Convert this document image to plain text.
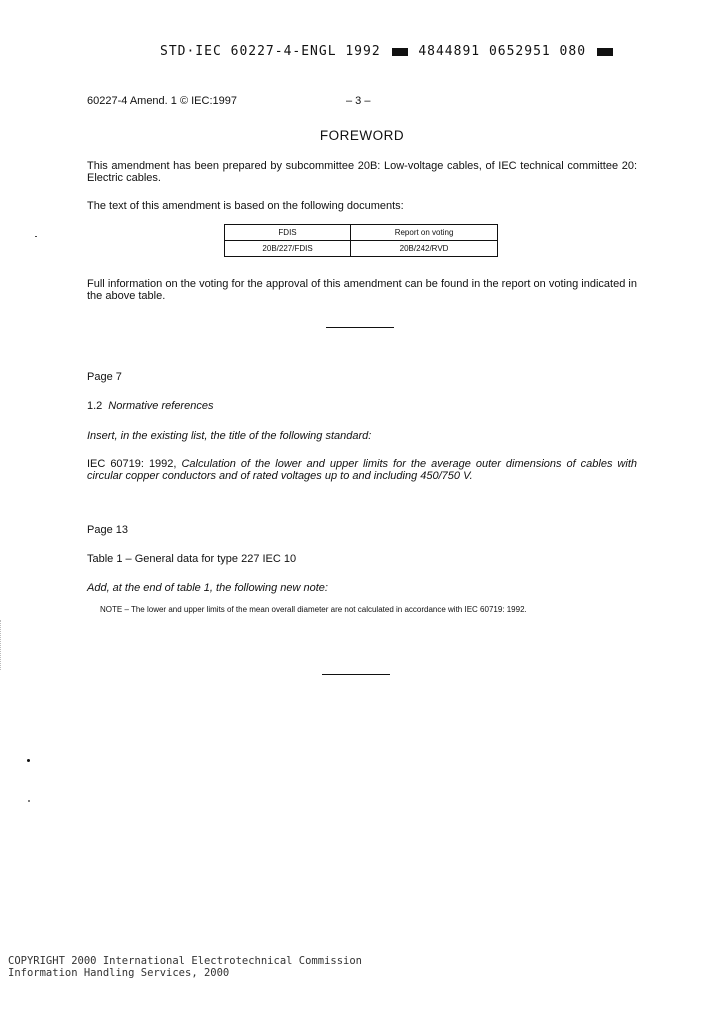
STD·IEC 60227-4-ENGL 1992	4844891 0652951 080
60227-4 Amend. 1 © IEC:1997	– 3 –
FOREWORD
This amendment has been prepared by subcommittee 20B: Low-voltage cables, of IEC technical committee 20: Electric cables.
The text of this amendment is based on the following documents:
FDIS	Report on voting
20B/227/FDIS	20B/242/RVD
Full information on the voting for the approval of this amendment can be found in the report on voting indicated in the above table.
Page 7
1.2 Normative references
Insert, in the existing list, the title of the following standard:
IEC 60719: 1992, Calculation of the lower and upper limits for the average outer dimensions of cables with circular copper conductors and of rated voltages up to and including 450/750 V.
Page 13
Table 1 – General data for type 227 IEC 10
Add, at the end of table 1, the following new note:
NOTE – The lower and upper limits of the mean overall diameter are not calculated in accordance with IEC 60719: 1992.
COPYRIGHT 2000 International Electrotechnical Commission
Information Handling Services, 2000
